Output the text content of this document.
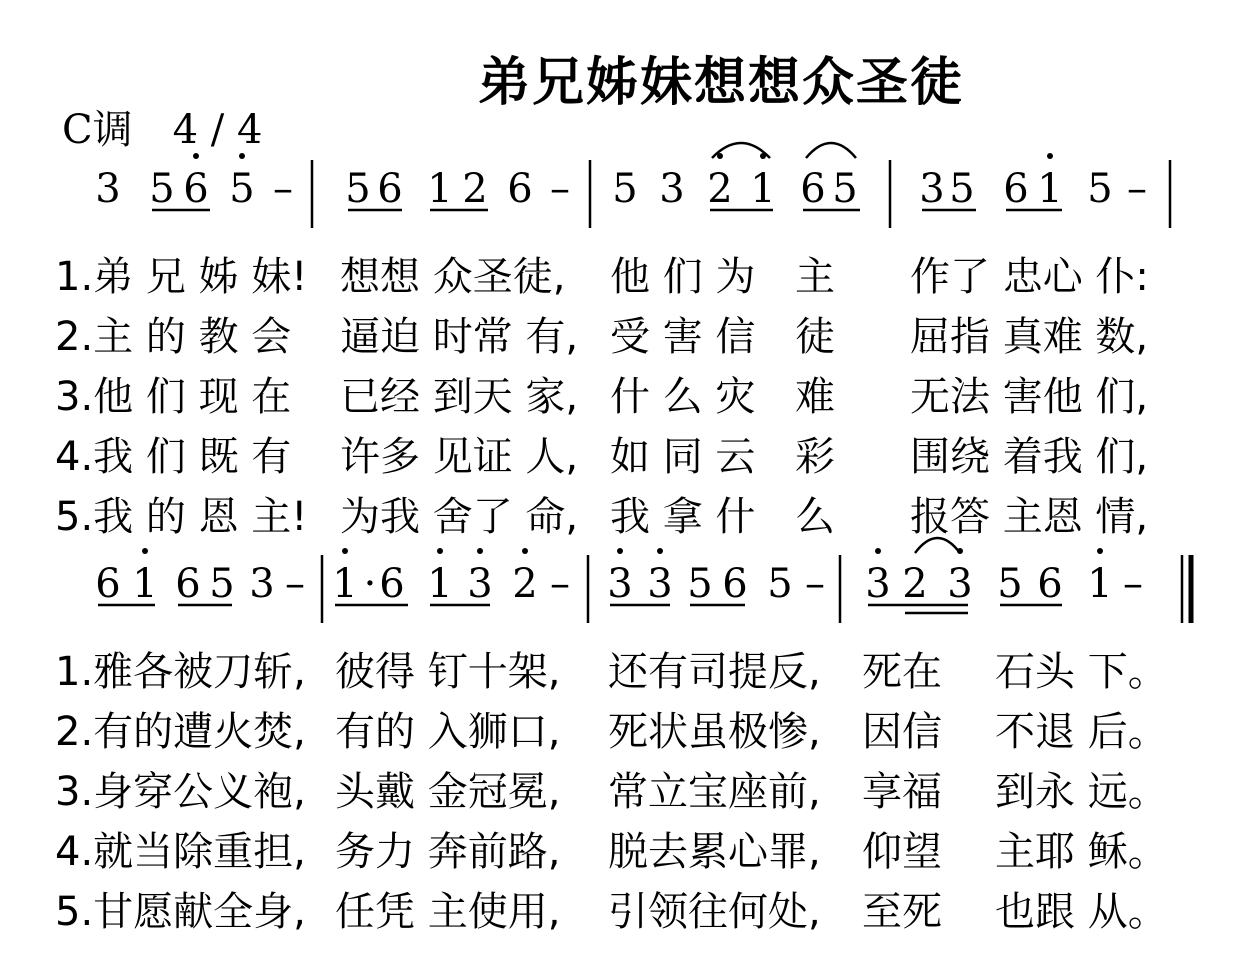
弟兄姊妹想想众圣徒
C调 4 / 4
3 5 6 5 – 5 6 1 2 6 – 5 3 2 1 6 5 3 5 6 1 5 –
6 1 6 5 3 – 1 · 6 1 3 2 – 3 3 5 6 5 – 3 2 3 5 6 1 –
1.弟 兄 姊 妹! 想想 众圣徒, 他 们 为 主 作了 忠心 仆:
2.主 的 教 会 逼迫 时常 有, 受 害 信 徒 屈指 真难 数,
3.他 们 现 在 已经 到天 家, 什 么 灾 难 无法 害他 们,
4.我 们 既 有 许多 见证 人, 如 同 云 彩 围绕 着我 们,
5.我 的 恩 主! 为我 舍了 命, 我 拿 什 么 报答 主恩 情,
1.雅各被刀斩, 彼得 钉十架, 还有司提反, 死在 石头 下。
2.有的遭火焚, 有的 入狮口, 死状虽极惨, 因信 不退 后。
3.身穿公义袍, 头戴 金冠冕, 常立宝座前, 享福 到永 远。
4.就当除重担, 务力 奔前路, 脱去累心罪, 仰望 主耶 稣。
5.甘愿献全身, 任凭 主使用, 引领往何处, 至死 也跟 从。
